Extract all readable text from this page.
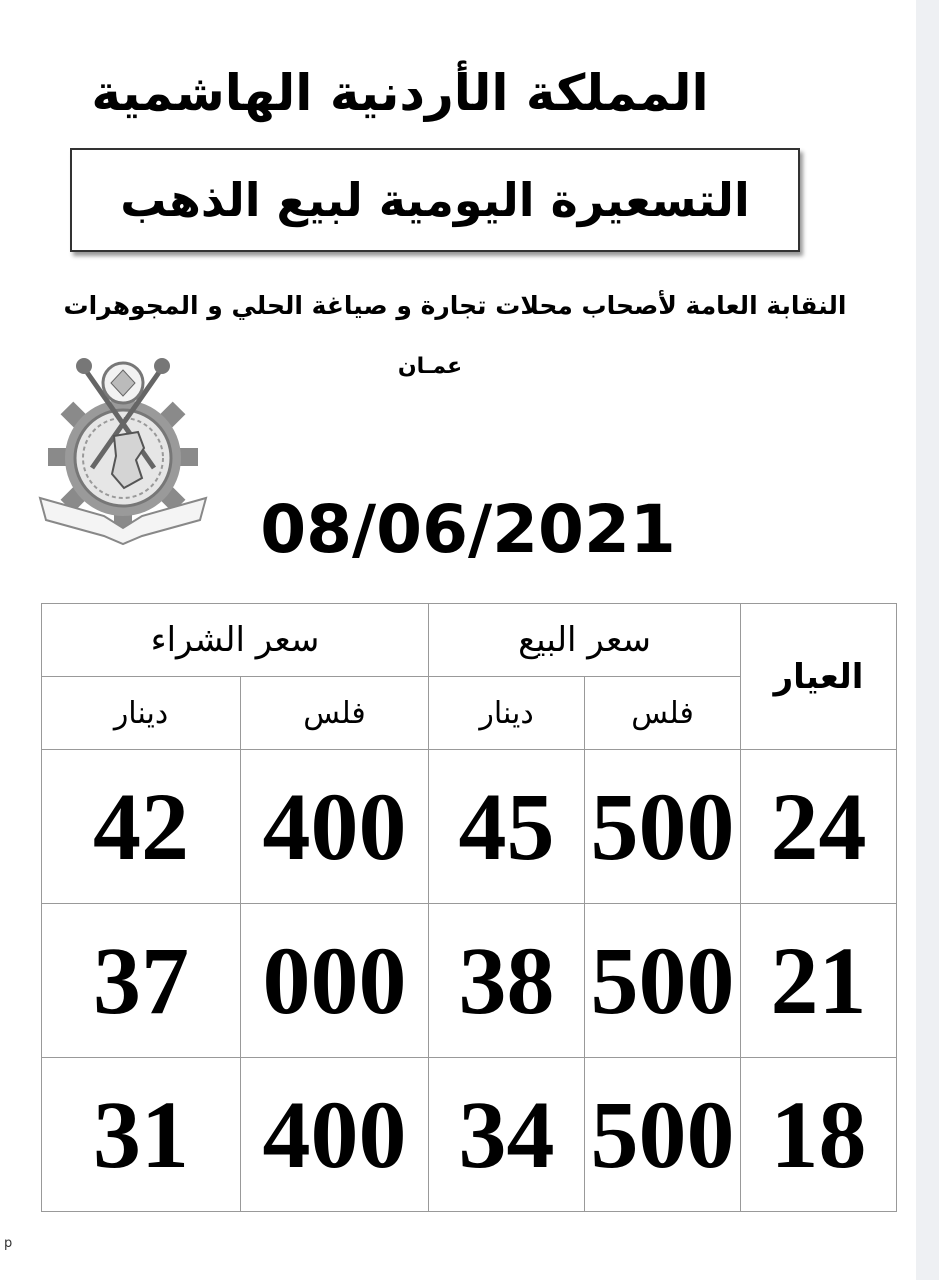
المملكة الأردنية الهاشمية
التسعيرة اليومية لبيع الذهب
النقابة العامة لأصحاب محلات تجارة و صياغة الحلي و المجوهرات
عمـان
08/06/2021
العيار	سعر البيع		سعر الشراء	
	فلس	دينار	فلس	دينار
24	500	45	400	42
21	500	38	000	37
18	500	34	400	31
p
